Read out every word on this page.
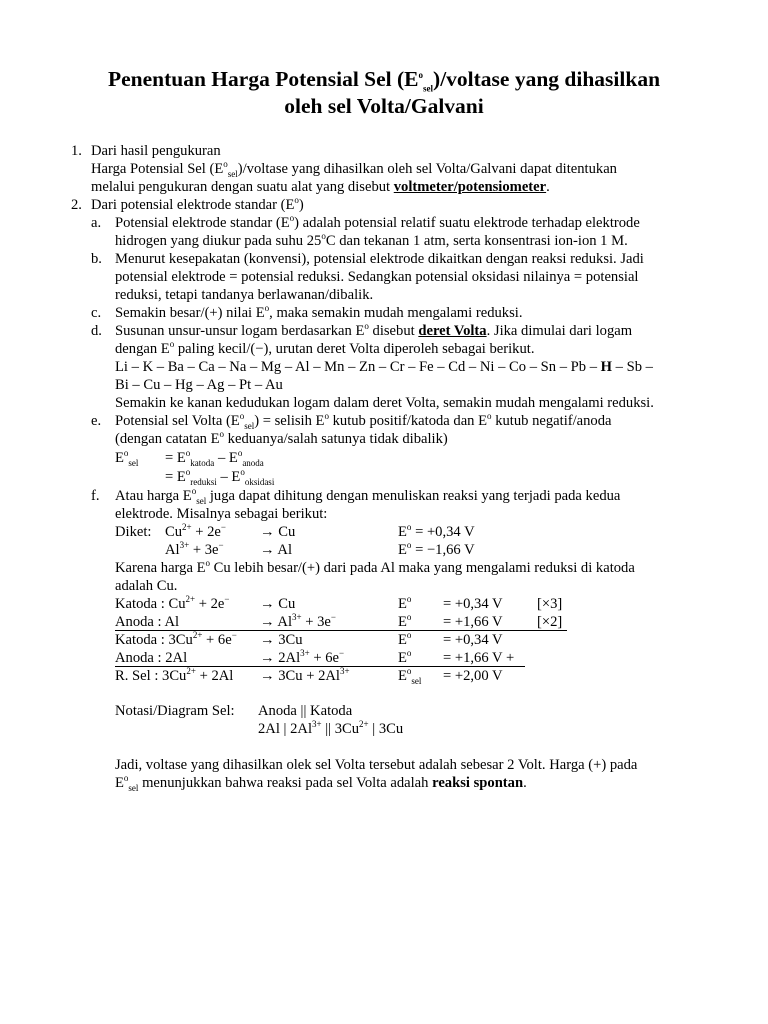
Penentuan Harga Potensial Sel $(E^o_{sel})$/voltase yang dihasilkan
oleh sel Volta/Galvani
1. Dari hasil pengukuran
Harga Potensial Sel $(E^o_{sel})$/voltase yang dihasilkan oleh sel Volta/Galvani dapat ditentukan
melalui pengukuran dengan suatu alat yang disebut voltmeter/potensiometer.
2. Dari potensial elektrode standar $(E^o)$
a. Potensial elektrode standar $(E^o)$ adalah potensial relatif suatu elektrode terhadap elektrode
hidrogen yang diukur pada suhu 25$^o$C dan tekanan 1 atm, serta konsentrasi ion-ion 1 M.
b. Menurut kesepakatan (konvensi), potensial elektrode dikaitkan dengan reaksi reduksi. Jadi
potensial elektrode = potensial reduksi. Sedangkan potensial oksidasi nilainya = potensial
reduksi, tetapi tandanya berlawanan/dibalik.
c. Semakin besar/(+) nilai $E^o$, maka semakin mudah mengalami reduksi.
d. Susunan unsur-unsur logam berdasarkan $E^o$ disebut deret Volta. Jika dimulai dari logam
dengan $E^o$ paling kecil/(−), urutan deret Volta diperoleh sebagai berikut.
Li – K – Ba – Ca – Na – Mg – Al – Mn – Zn – Cr – Fe – Cd – Ni – Co – Sn – Pb – H – Sb –
Bi – Cu – Hg – Ag – Pt – Au
Semakin ke kanan kedudukan logam dalam deret Volta, semakin mudah mengalami reduksi.
e. Potensial sel Volta $(E^o_{sel})$ = selisih $E^o$ kutub positif/katoda dan $E^o$ kutub negatif/anoda
(dengan catatan $E^o$ keduanya/salah satunya tidak dibalik)
$E^o_{sel} = E^o_{katoda} - E^o_{anoda}$
= $E^o_{reduksi} - E^o_{oksidasi}$
f. Atau harga $E^o_{sel}$ juga dapat dihitung dengan menuliskan reaksi yang terjadi pada kedua
elektrode. Misalnya sebagai berikut:
Diket: $Cu^{2+} + 2e^- \to Cu$	$E^o = +0,34$ V
$Al^{3+} + 3e^- \to Al$	$E^o = -1,66$ V
Karena harga $E^o$ Cu lebih besar/(+) dari pada Al maka yang mengalami reduksi di katoda
adalah Cu.
Katoda : $Cu^{2+} + 2e^- \to Cu$	$E^o = +0,34$ V [×3]
Anoda : Al	→ $Al^{3+} + 3e^-$	$E^o = +1,66$ V [×2]
Katoda : $3Cu^{2+} + 6e^- \to 3Cu$	$E^o = +0,34$ V
Anoda : 2Al	→ $2Al^{3+} + 6e^-$	$E^o = +1,66$ V +
R. Sel : $3Cu^{2+} + 2Al \to 3Cu + 2Al^{3+}$	$E^o_{sel} = +2,00$ V
Notasi/Diagram Sel: Anoda || Katoda
2Al | $2Al^{3+}$ || $3Cu^{2+}$ | 3Cu
Jadi, voltase yang dihasilkan olek sel Volta tersebut adalah sebesar 2 Volt. Harga (+) pada
$E^o_{sel}$ menunjukkan bahwa reaksi pada sel Volta adalah reaksi spontan.
